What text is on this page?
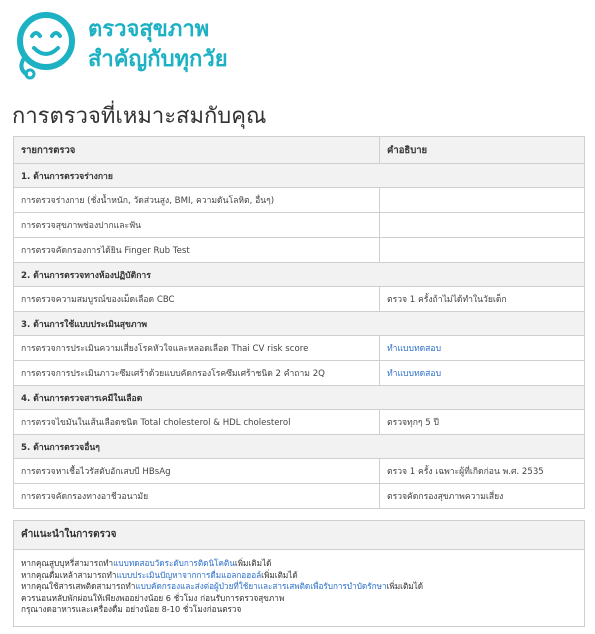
ตรวจสุขภาพ
สำคัญกับทุกวัย
การตรวจที่เหมาะสมกับคุณ
รายการตรวจ	คำอธิบาย
1. ด้านการตรวจร่างกาย	
การตรวจร่างกาย (ชั่งน้ำหนัก, วัดส่วนสูง, BMI, ความดันโลหิต, อื่นๆ)	
การตรวจสุขภาพช่องปากและฟัน	
การตรวจคัดกรองการได้ยิน Finger Rub Test	
2. ด้านการตรวจทางห้องปฏิบัติการ	
การตรวจความสมบูรณ์ของเม็ดเลือด CBC	ตรวจ 1 ครั้งถ้าไม่ได้ทำในวัยเด็ก
3. ด้านการใช้แบบประเมินสุขภาพ	
การตรวจการประเมินความเสี่ยงโรคหัวใจและหลอดเลือด Thai CV risk score	ทำแบบทดสอบ
การตรวจการประเมินภาวะซึมเศร้าด้วยแบบคัดกรองโรคซึมเศร้าชนิด 2 คำถาม 2Q	ทำแบบทดสอบ
4. ด้านการตรวจสารเคมีในเลือด	
การตรวจไขมันในเส้นเลือดชนิด Total cholesterol & HDL cholesterol	ตรวจทุกๆ 5 ปี
5. ด้านการตรวจอื่นๆ	
การตรวจหาเชื้อไวรัสตับอักเสบบี HBsAg	ตรวจ 1 ครั้ง เฉพาะผู้ที่เกิดก่อน พ.ศ. 2535
การตรวจคัดกรองทางอาชีวอนามัย	ตรวจคัดกรองสุขภาพความเสี่ยง
คำแนะนำในการตรวจ
หากคุณสูบบุหรี่สามารถทำแบบทดสอบวัดระดับการติดนิโคตินเพิ่มเติมได้
หากคุณดื่มเหล้าสามารถทำแบบประเมินปัญหาจากการดื่มแอลกอฮอล์เพิ่มเติมได้
หากคุณใช้สารเสพติดสามารถทำแบบคัดกรองและส่งต่อผู้ป่วยที่ใช้ยาและสารเสพติดเพื่อรับการบำบัดรักษาเพิ่มเติมได้
ควรนอนหลับพักผ่อนให้เพียงพออย่างน้อย 6 ชั่วโมง ก่อนรับการตรวจสุขภาพ
กรุณางดอาหารและเครื่องดื่ม อย่างน้อย 8-10 ชั่วโมงก่อนตรวจ
